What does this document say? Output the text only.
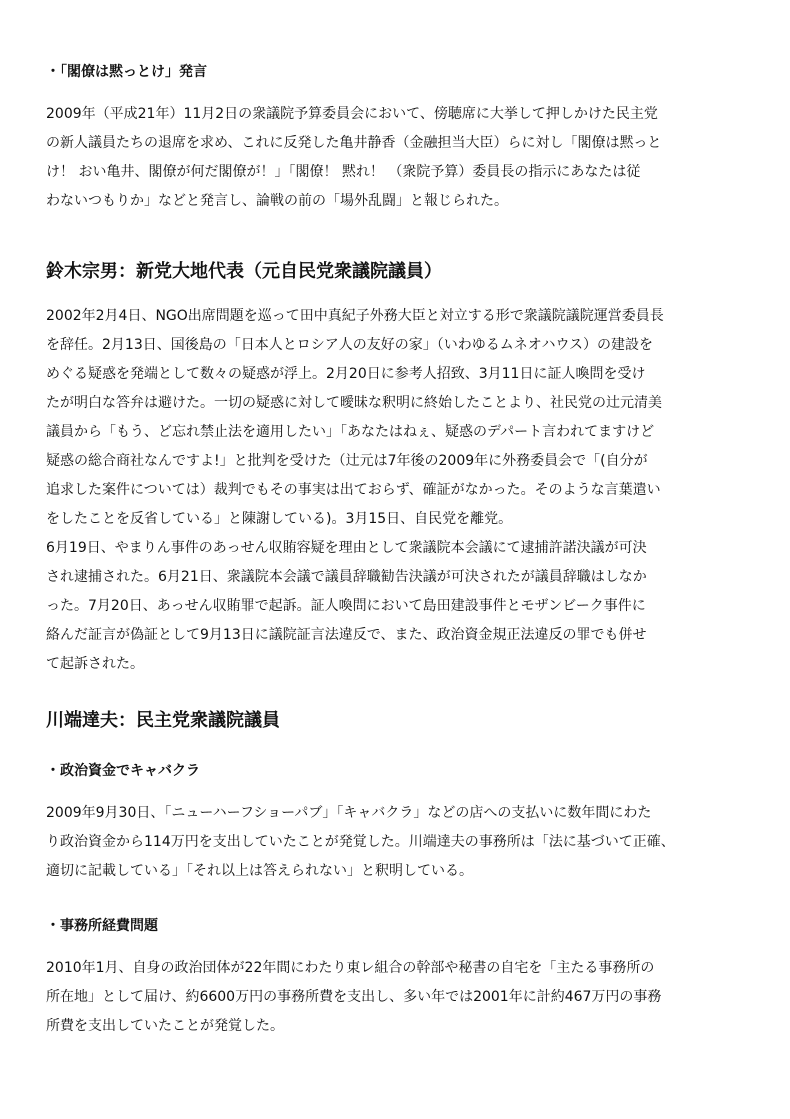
・「閣僚は黙っとけ」発言

2009年（平成21年）11月2日の衆議院予算委員会において、傍聴席に大挙して押しかけた民主党
の新人議員たちの退席を求め、これに反発した亀井静香（金融担当大臣）らに対し「閣僚は黙っと
け！ おい亀井、閣僚が何だ閣僚が！」「閣僚！ 黙れ！ （衆院予算）委員長の指示にあなたは従
わないつもりか」などと発言し、論戦の前の「場外乱闘」と報じられた。

鈴木宗男：新党大地代表（元自民党衆議院議員）

2002年2月4日、NGO出席問題を巡って田中真紀子外務大臣と対立する形で衆議院議院運営委員長
を辞任。2月13日、国後島の「日本人とロシア人の友好の家」（いわゆるムネオハウス）の建設を
めぐる疑惑を発端として数々の疑惑が浮上。2月20日に参考人招致、3月11日に証人喚問を受け
たが明白な答弁は避けた。一切の疑惑に対して曖昧な釈明に終始したことより、社民党の辻元清美
議員から「もう、ど忘れ禁止法を適用したい」「あなたはねぇ、疑惑のデパート言われてますけど
疑惑の総合商社なんですよ!」と批判を受けた（辻元は7年後の2009年に外務委員会で「(自分が
追求した案件については）裁判でもその事実は出ておらず、確証がなかった。そのような言葉遣い
をしたことを反省している」と陳謝している)。3月15日、自民党を離党。

6月19日、やまりん事件のあっせん収賄容疑を理由として衆議院本会議にて逮捕許諾決議が可決
され逮捕された。6月21日、衆議院本会議で議員辞職勧告決議が可決されたが議員辞職はしなか
った。7月20日、あっせん収賄罪で起訴。証人喚問において島田建設事件とモザンビーク事件に
絡んだ証言が偽証として9月13日に議院証言法違反で、また、政治資金規正法違反の罪でも併せ
て起訴された。

川端達夫：民主党衆議院議員

・政治資金でキャバクラ

2009年9月30日、「ニューハーフショーパブ」「キャバクラ」などの店への支払いに数年間にわた
り政治資金から114万円を支出していたことが発覚した。川端達夫の事務所は「法に基づいて正確、
適切に記載している」「それ以上は答えられない」と釈明している。

・事務所経費問題

2010年1月、自身の政治団体が22年間にわたり東レ組合の幹部や秘書の自宅を「主たる事務所の
所在地」として届け、約6600万円の事務所費を支出し、多い年では2001年に計約467万円の事務
所費を支出していたことが発覚した。
